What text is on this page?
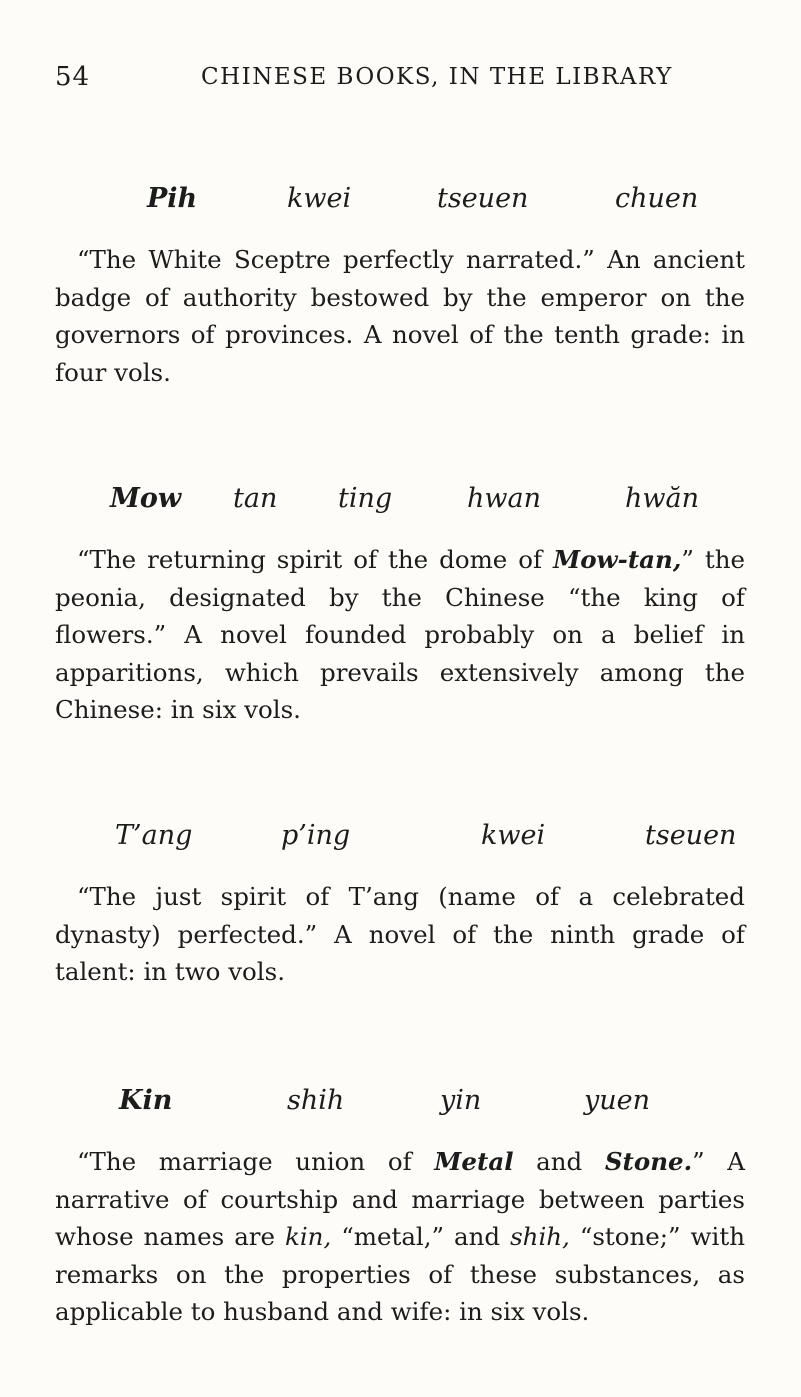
54	CHINESE BOOKS, IN THE LIBRARY
Pih	kwei	tseuen	chuen

“The White Sceptre perfectly narrated.” An ancient badge of authority bestowed by the emperor on the governors of provinces. A novel of the tenth grade: in four vols.

Mow tan ting	hwan	hwăn

“The returning spirit of the dome of Mow-tan,” the peonia, designated by the Chinese “the king of flowers.” A novel founded probably on a belief in apparitions, which prevails extensively among the Chinese: in six vols.

T’ang	p’ing	kwei	tseuen

“The just spirit of T’ang (name of a celebrated dynasty) perfected.” A novel of the ninth grade of talent: in two vols.

Kin	shih	yin	yuen

“The marriage union of Metal and Stone.” A narrative of courtship and marriage between parties whose names are kin, “metal,” and shih, “stone;” with remarks on the properties of these substances, as applicable to husband and wife: in six vols.
